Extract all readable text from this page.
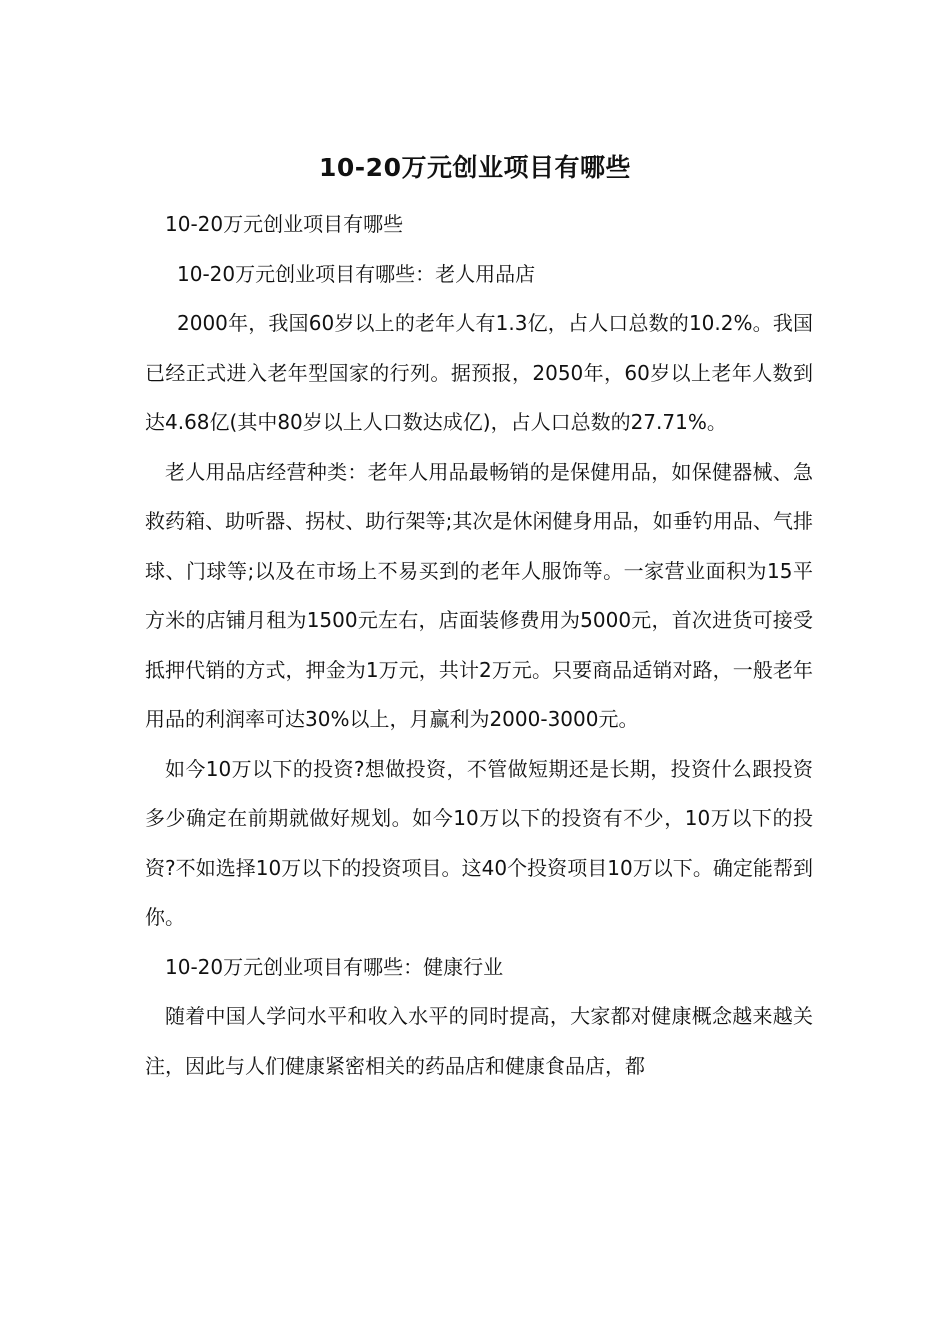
10-20万元创业项目有哪些

10-20万元创业项目有哪些

10-20万元创业项目有哪些：老人用品店

2000年，我国60岁以上的老年人有1.3亿，占人口总数的10.2%。我国已经正式进入老年型国家的行列。据预报，2050年，60岁以上老年人数到达4.68亿(其中80岁以上人口数达成亿)，占人口总数的27.71%。

老人用品店经营种类：老年人用品最畅销的是保健用品，如保健器械、急救药箱、助听器、拐杖、助行架等;其次是休闲健身用品，如垂钓用品、气排球、门球等;以及在市场上不易买到的老年人服饰等。一家营业面积为15平方米的店铺月租为1500元左右，店面装修费用为5000元，首次进货可接受抵押代销的方式，押金为1万元，共计2万元。只要商品适销对路，一般老年用品的利润率可达30%以上，月赢利为2000-3000元。

如今10万以下的投资?想做投资，不管做短期还是长期，投资什么跟投资多少确定在前期就做好规划。如今10万以下的投资有不少，10万以下的投资?不如选择10万以下的投资项目。这40个投资项目10万以下。确定能帮到你。

10-20万元创业项目有哪些：健康行业

随着中国人学问水平和收入水平的同时提高，大家都对健康概念越来越关注，因此与人们健康紧密相关的药品店和健康食品店，都
